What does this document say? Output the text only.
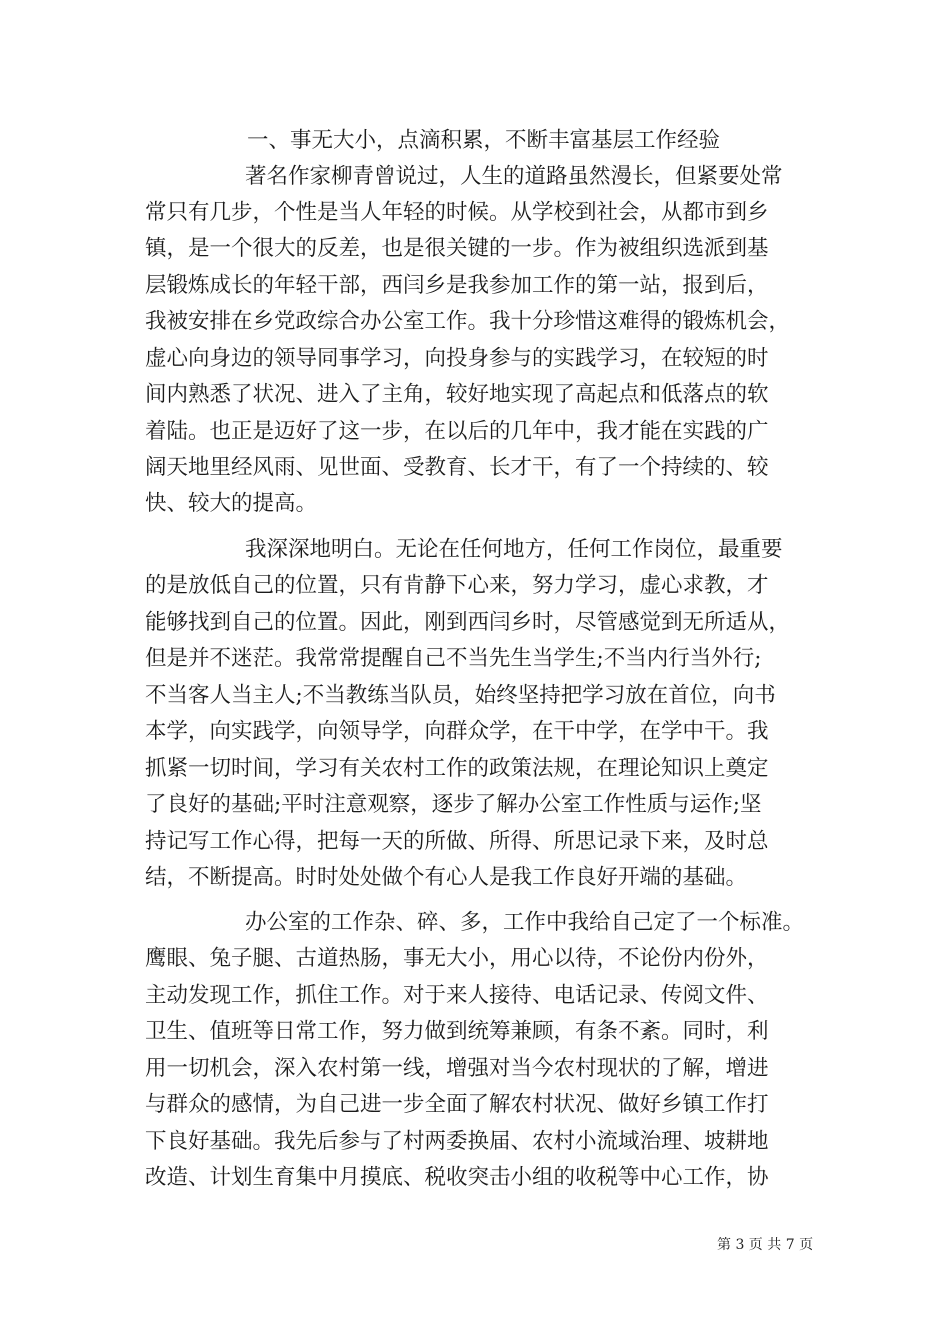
一、事无大小，点滴积累，不断丰富基层工作经验
著名作家柳青曾说过，人生的道路虽然漫长，但紧要处常
常只有几步，个性是当人年轻的时候。从学校到社会，从都市到乡
镇，是一个很大的反差，也是很关键的一步。作为被组织选派到基
层锻炼成长的年轻干部，西闫乡是我参加工作的第一站，报到后，
我被安排在乡党政综合办公室工作。我十分珍惜这难得的锻炼机会，
虚心向身边的领导同事学习，向投身参与的实践学习，在较短的时
间内熟悉了状况、进入了主角，较好地实现了高起点和低落点的软
着陆。也正是迈好了这一步，在以后的几年中，我才能在实践的广
阔天地里经风雨、见世面、受教育、长才干，有了一个持续的、较
快、较大的提高。
我深深地明白。无论在任何地方，任何工作岗位，最重要
的是放低自己的位置，只有肯静下心来，努力学习，虚心求教，才
能够找到自己的位置。因此，刚到西闫乡时，尽管感觉到无所适从，
但是并不迷茫。我常常提醒自己不当先生当学生;不当内行当外行;
不当客人当主人;不当教练当队员，始终坚持把学习放在首位，向书
本学，向实践学，向领导学，向群众学，在干中学，在学中干。我
抓紧一切时间，学习有关农村工作的政策法规，在理论知识上奠定
了良好的基础;平时注意观察，逐步了解办公室工作性质与运作;坚
持记写工作心得，把每一天的所做、所得、所思记录下来，及时总
结，不断提高。时时处处做个有心人是我工作良好开端的基础。
办公室的工作杂、碎、多，工作中我给自己定了一个标准。
鹰眼、兔子腿、古道热肠，事无大小，用心以待，不论份内份外，
主动发现工作，抓住工作。对于来人接待、电话记录、传阅文件、
卫生、值班等日常工作，努力做到统筹兼顾，有条不紊。同时，利
用一切机会，深入农村第一线，增强对当今农村现状的了解，增进
与群众的感情，为自己进一步全面了解农村状况、做好乡镇工作打
下良好基础。我先后参与了村两委换届、农村小流域治理、坡耕地
改造、计划生育集中月摸底、税收突击小组的收税等中心工作，协
第 3 页 共 7 页
